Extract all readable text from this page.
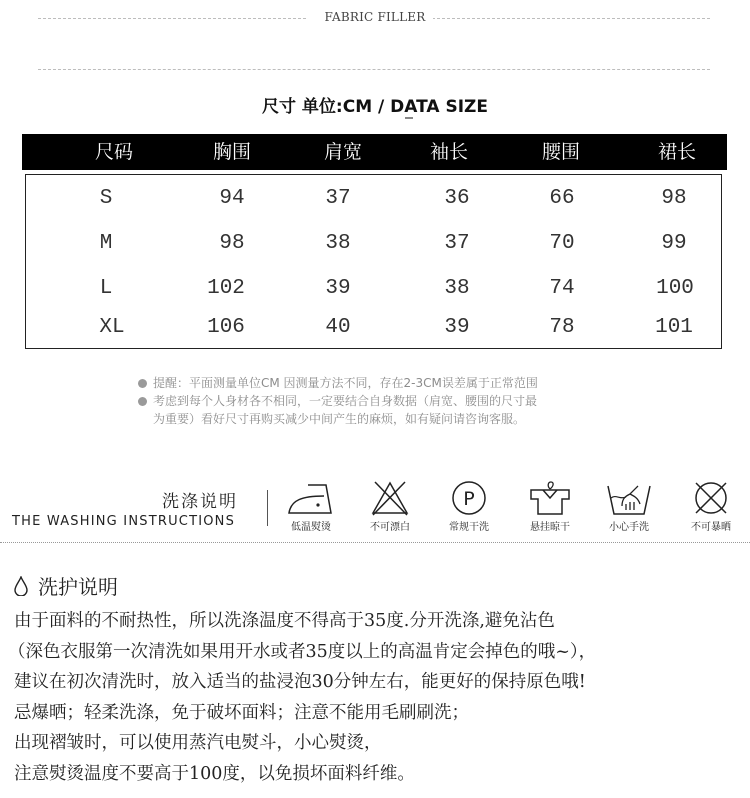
FABRIC FILLER
尺寸 单位:CM / DATA SIZE
尺码	胸围	肩宽	袖长	腰围	裙长
S	94	37	36	66	98
M	98	38	37	70	99
L	102	39	38	74	100
XL	106	40	39	78	101
提醒：平面测量单位CM 因测量方法不同，存在2-3CM误差属于正常范围
考虑到每个人身材各不相同，一定要结合自身数据（肩宽、腰围的尺寸最
为重要）看好尺寸再购买减少中间产生的麻烦，如有疑问请咨询客服。
洗涤说明
THE WASHING INSTRUCTIONS	低温熨烫	不可漂白
P
常规干洗	悬挂晾干	小心手洗	不可暴晒
洗护说明
由于面料的不耐热性，所以洗涤温度不得高于35度.分开洗涤,避免沾色
（深色衣服第一次清洗如果用开水或者35度以上的高温肯定会掉色的哦~），
建议在初次清洗时，放入适当的盐浸泡30分钟左右，能更好的保持原色哦!
忌爆晒；轻柔洗涤，免于破坏面料；注意不能用毛刷刷洗；
出现褶皱时，可以使用蒸汽电熨斗，小心熨烫，
注意熨烫温度不要高于100度，以免损坏面料纤维。
